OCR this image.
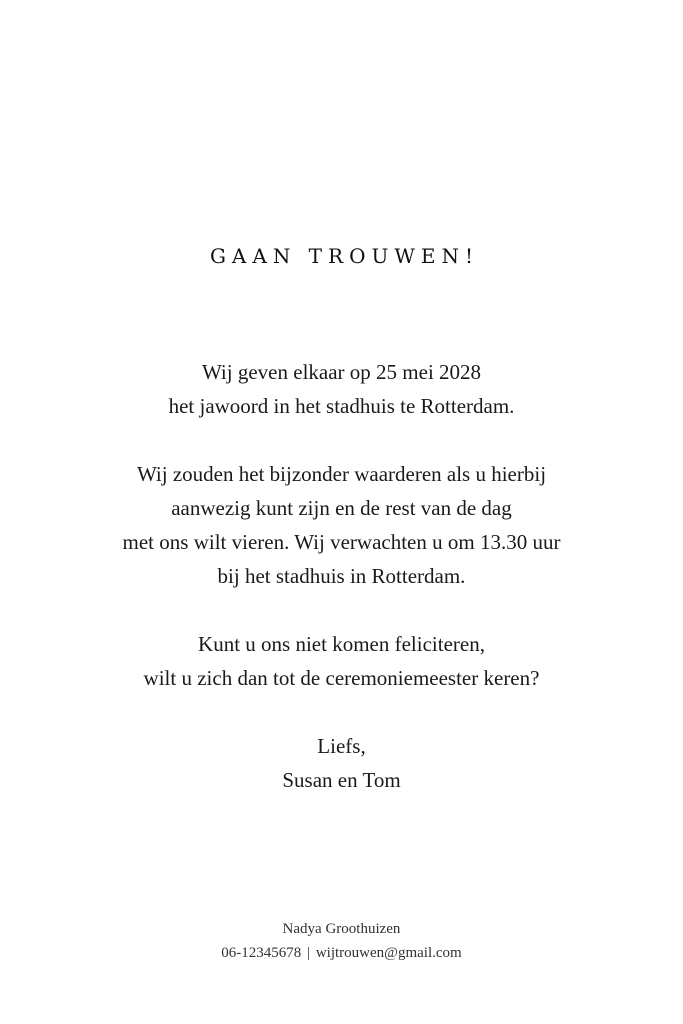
GAAN TROUWEN!

Wij geven elkaar op 25 mei 2028
het jawoord in het stadhuis te Rotterdam.

Wij zouden het bijzonder waarderen als u hierbij
aanwezig kunt zijn en de rest van de dag
met ons wilt vieren. Wij verwachten u om 13.30 uur
bij het stadhuis in Rotterdam.

Kunt u ons niet komen feliciteren,
wilt u zich dan tot de ceremoniemeester keren?

Liefs,
Susan en Tom

Nadya Groothuizen
06-12345678 | wijtrouwen@gmail.com
